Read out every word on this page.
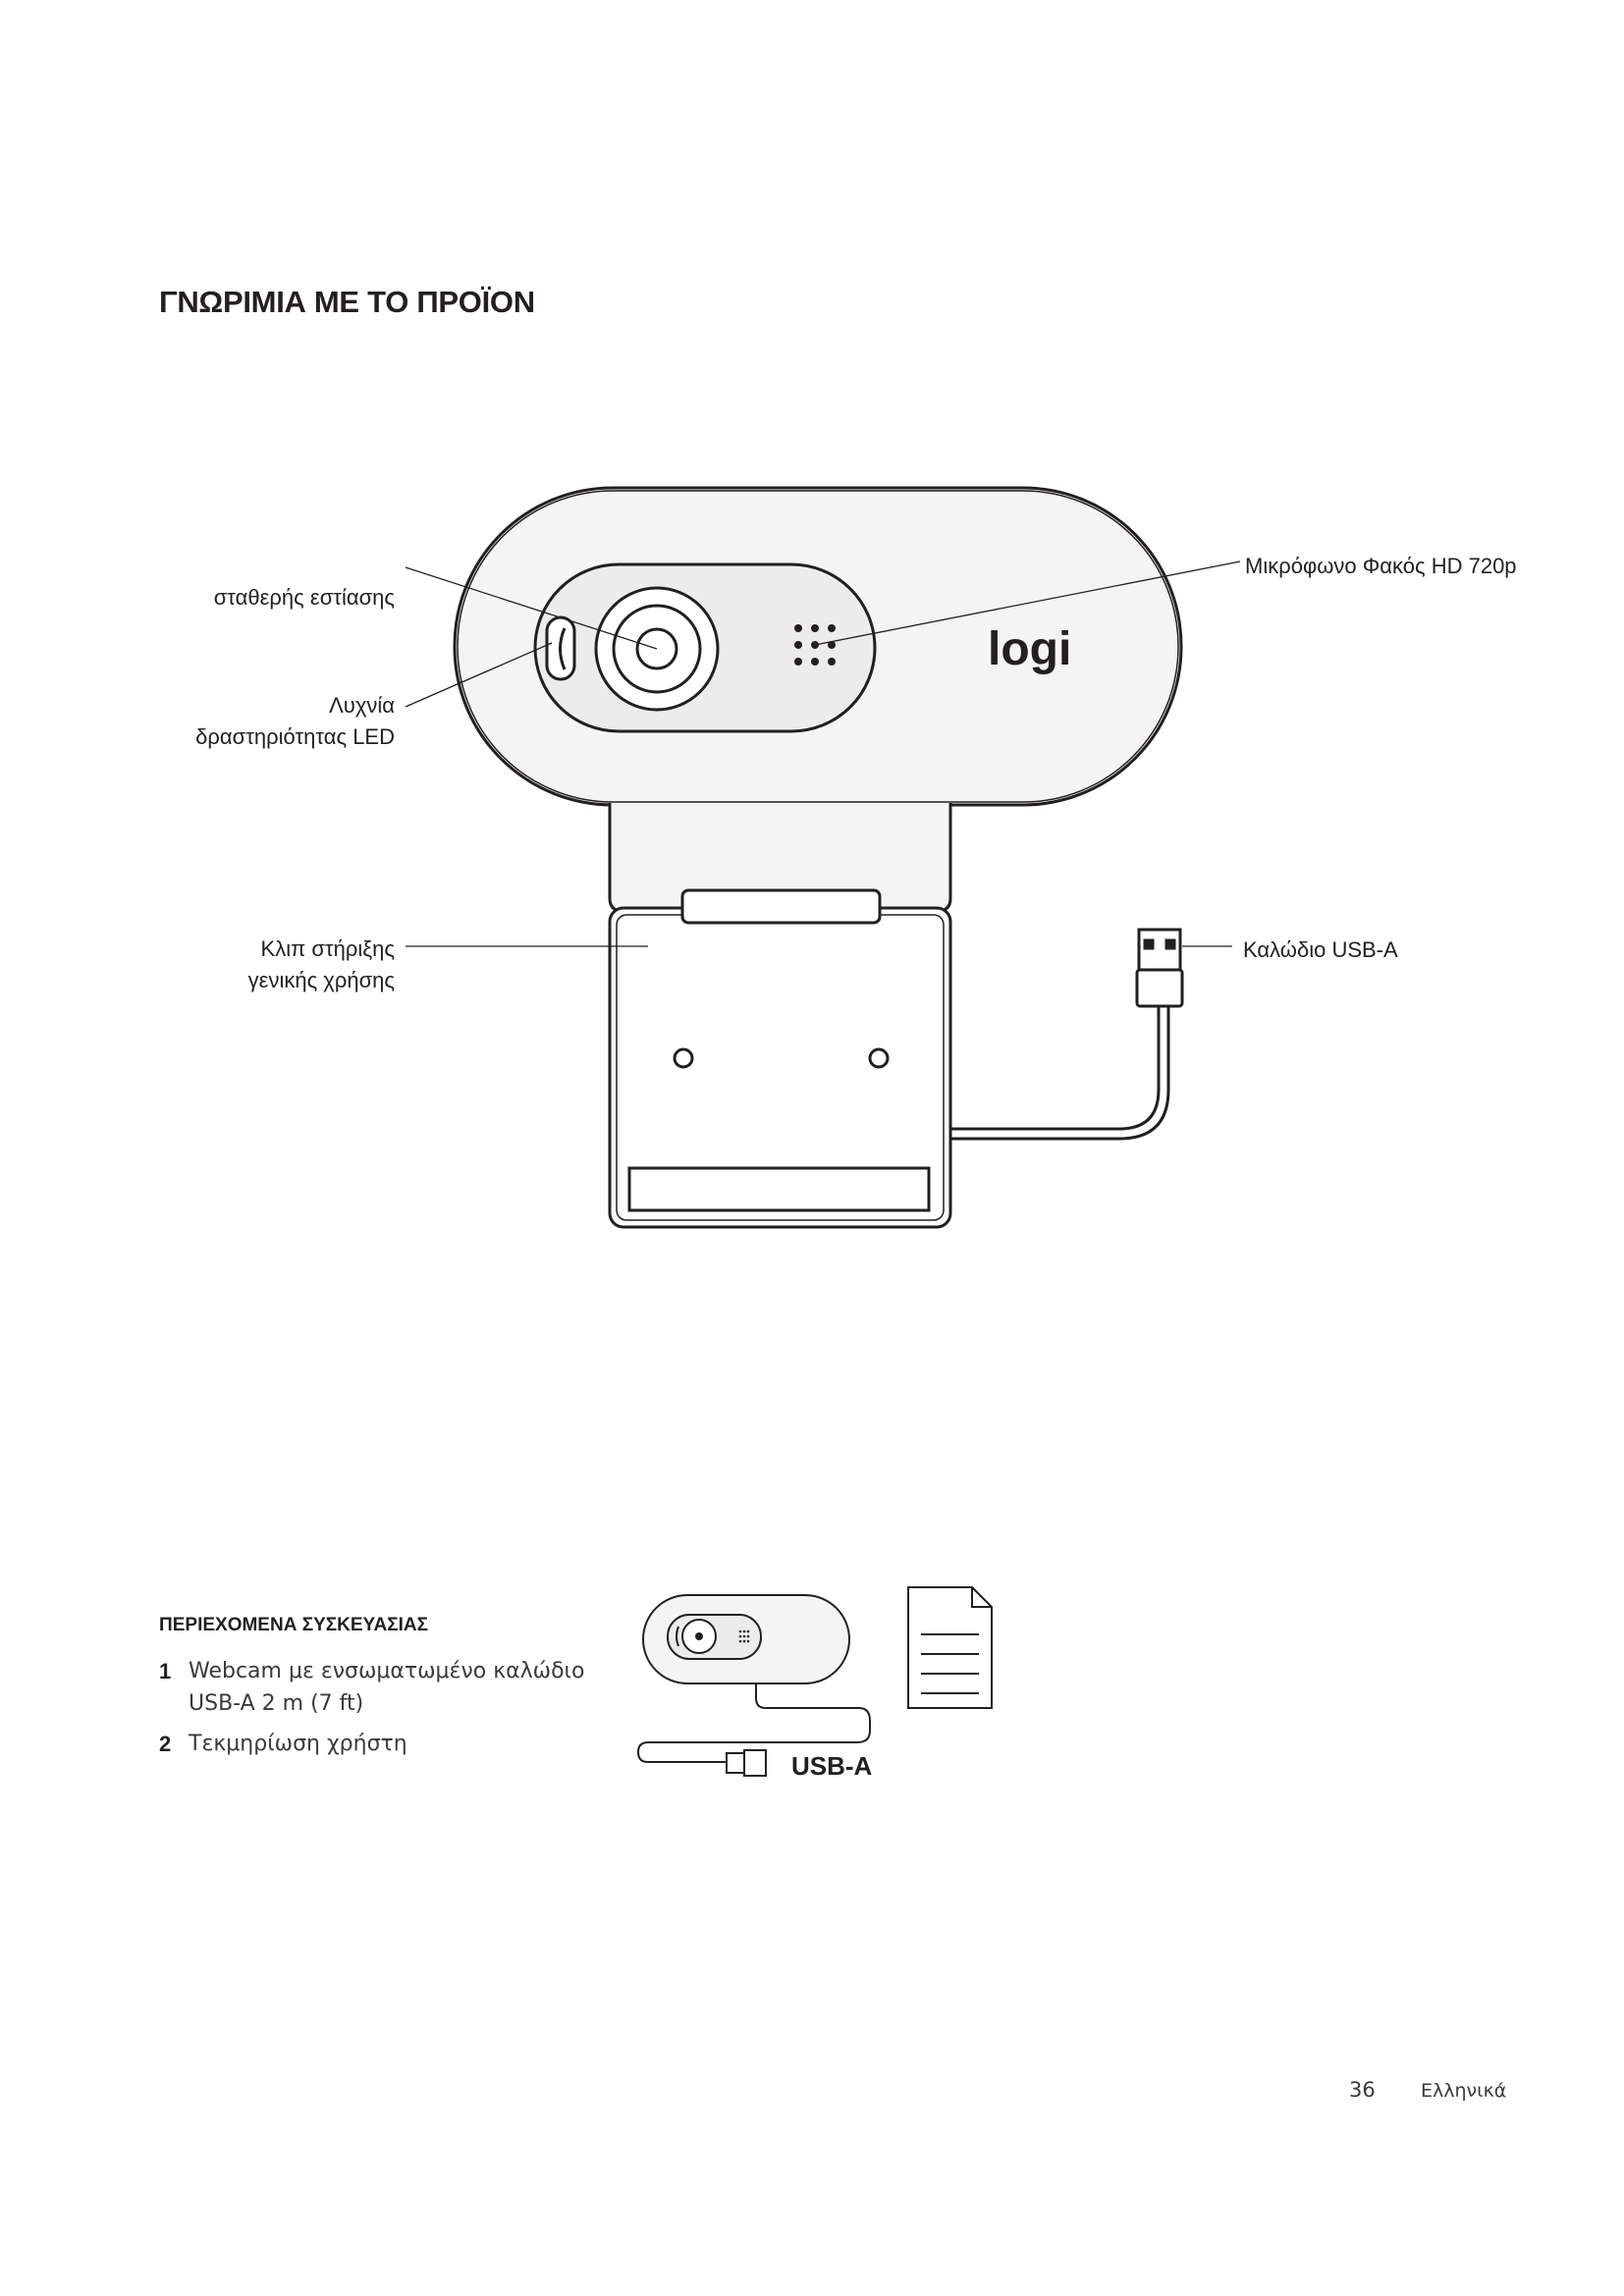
ΓΝΩΡΙΜΙΑ ΜΕ ΤΟ ΠΡΟΪΟΝ
logi
σταθερής εστίασης
Λυχνία
δραστηριότητας LED
Μικρόφωνο Φακός HD 720p
Κλιπ στήριξης
γενικής χρήσης
Καλώδιο USB-A
ΠΕΡΙΕΧΟΜΕΝΑ ΣΥΣΚΕΥΑΣΙΑΣ
1 Webcam με ενσωματωμένο καλώδιο
USB-A 2 m (7 ft)
2 Τεκμηρίωση χρήστη

USB-A

36 Ελληνικά
